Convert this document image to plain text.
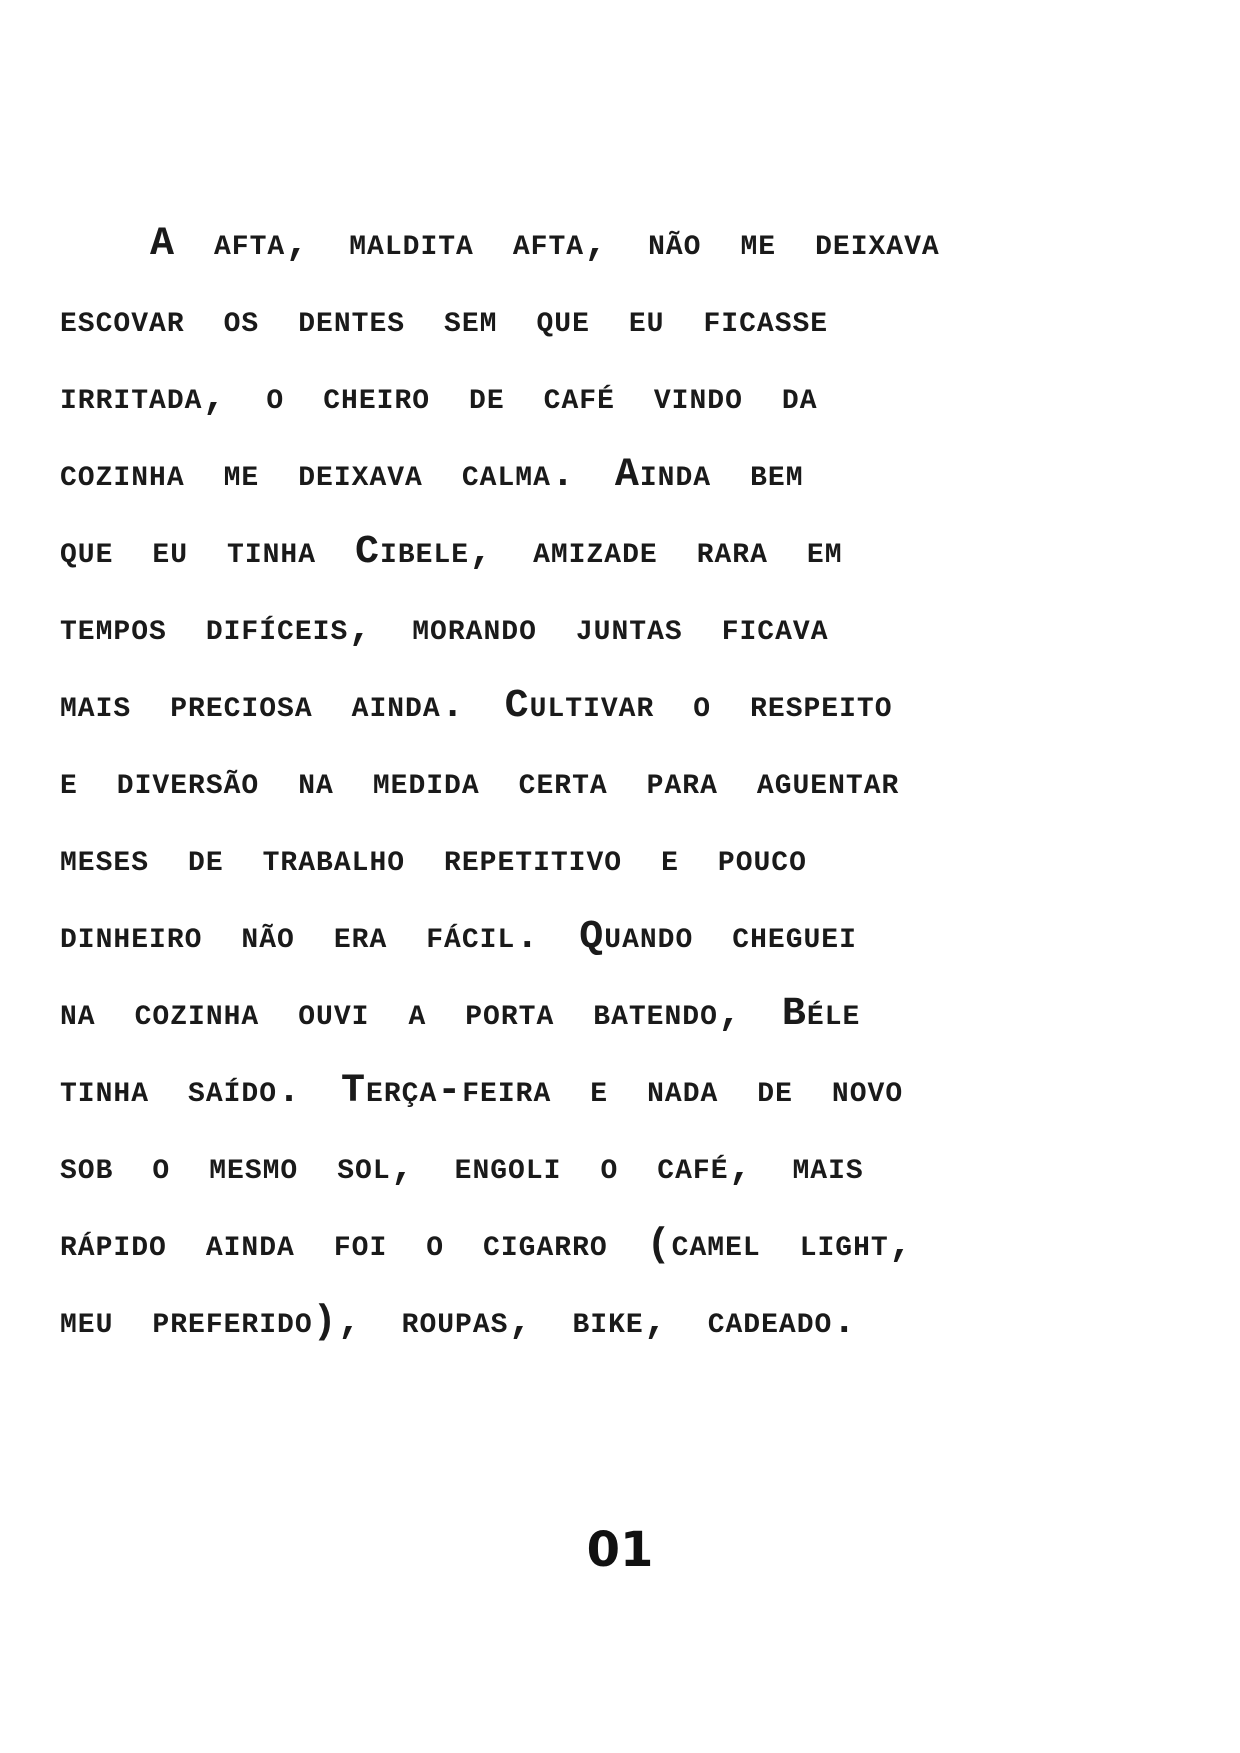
A afta, maldita afta, não me deixava
escovar os dentes sem que eu ficasse
irritada, o cheiro de café vindo da
cozinha me deixava calma. Ainda bem
que eu tinha Cibele, amizade rara em
tempos difíceis, morando juntas ficava
mais preciosa ainda. Cultivar o respeito
e diversão na medida certa para aguentar
meses de trabalho repetitivo e pouco
dinheiro não era fácil. Quando cheguei
na cozinha ouvi a porta batendo, Béle
tinha saído. Terça-feira e nada de novo
sob o mesmo sol, engoli o café, mais
rápido ainda foi o cigarro (camel light,
meu preferido), roupas, bike, cadeado.
01
